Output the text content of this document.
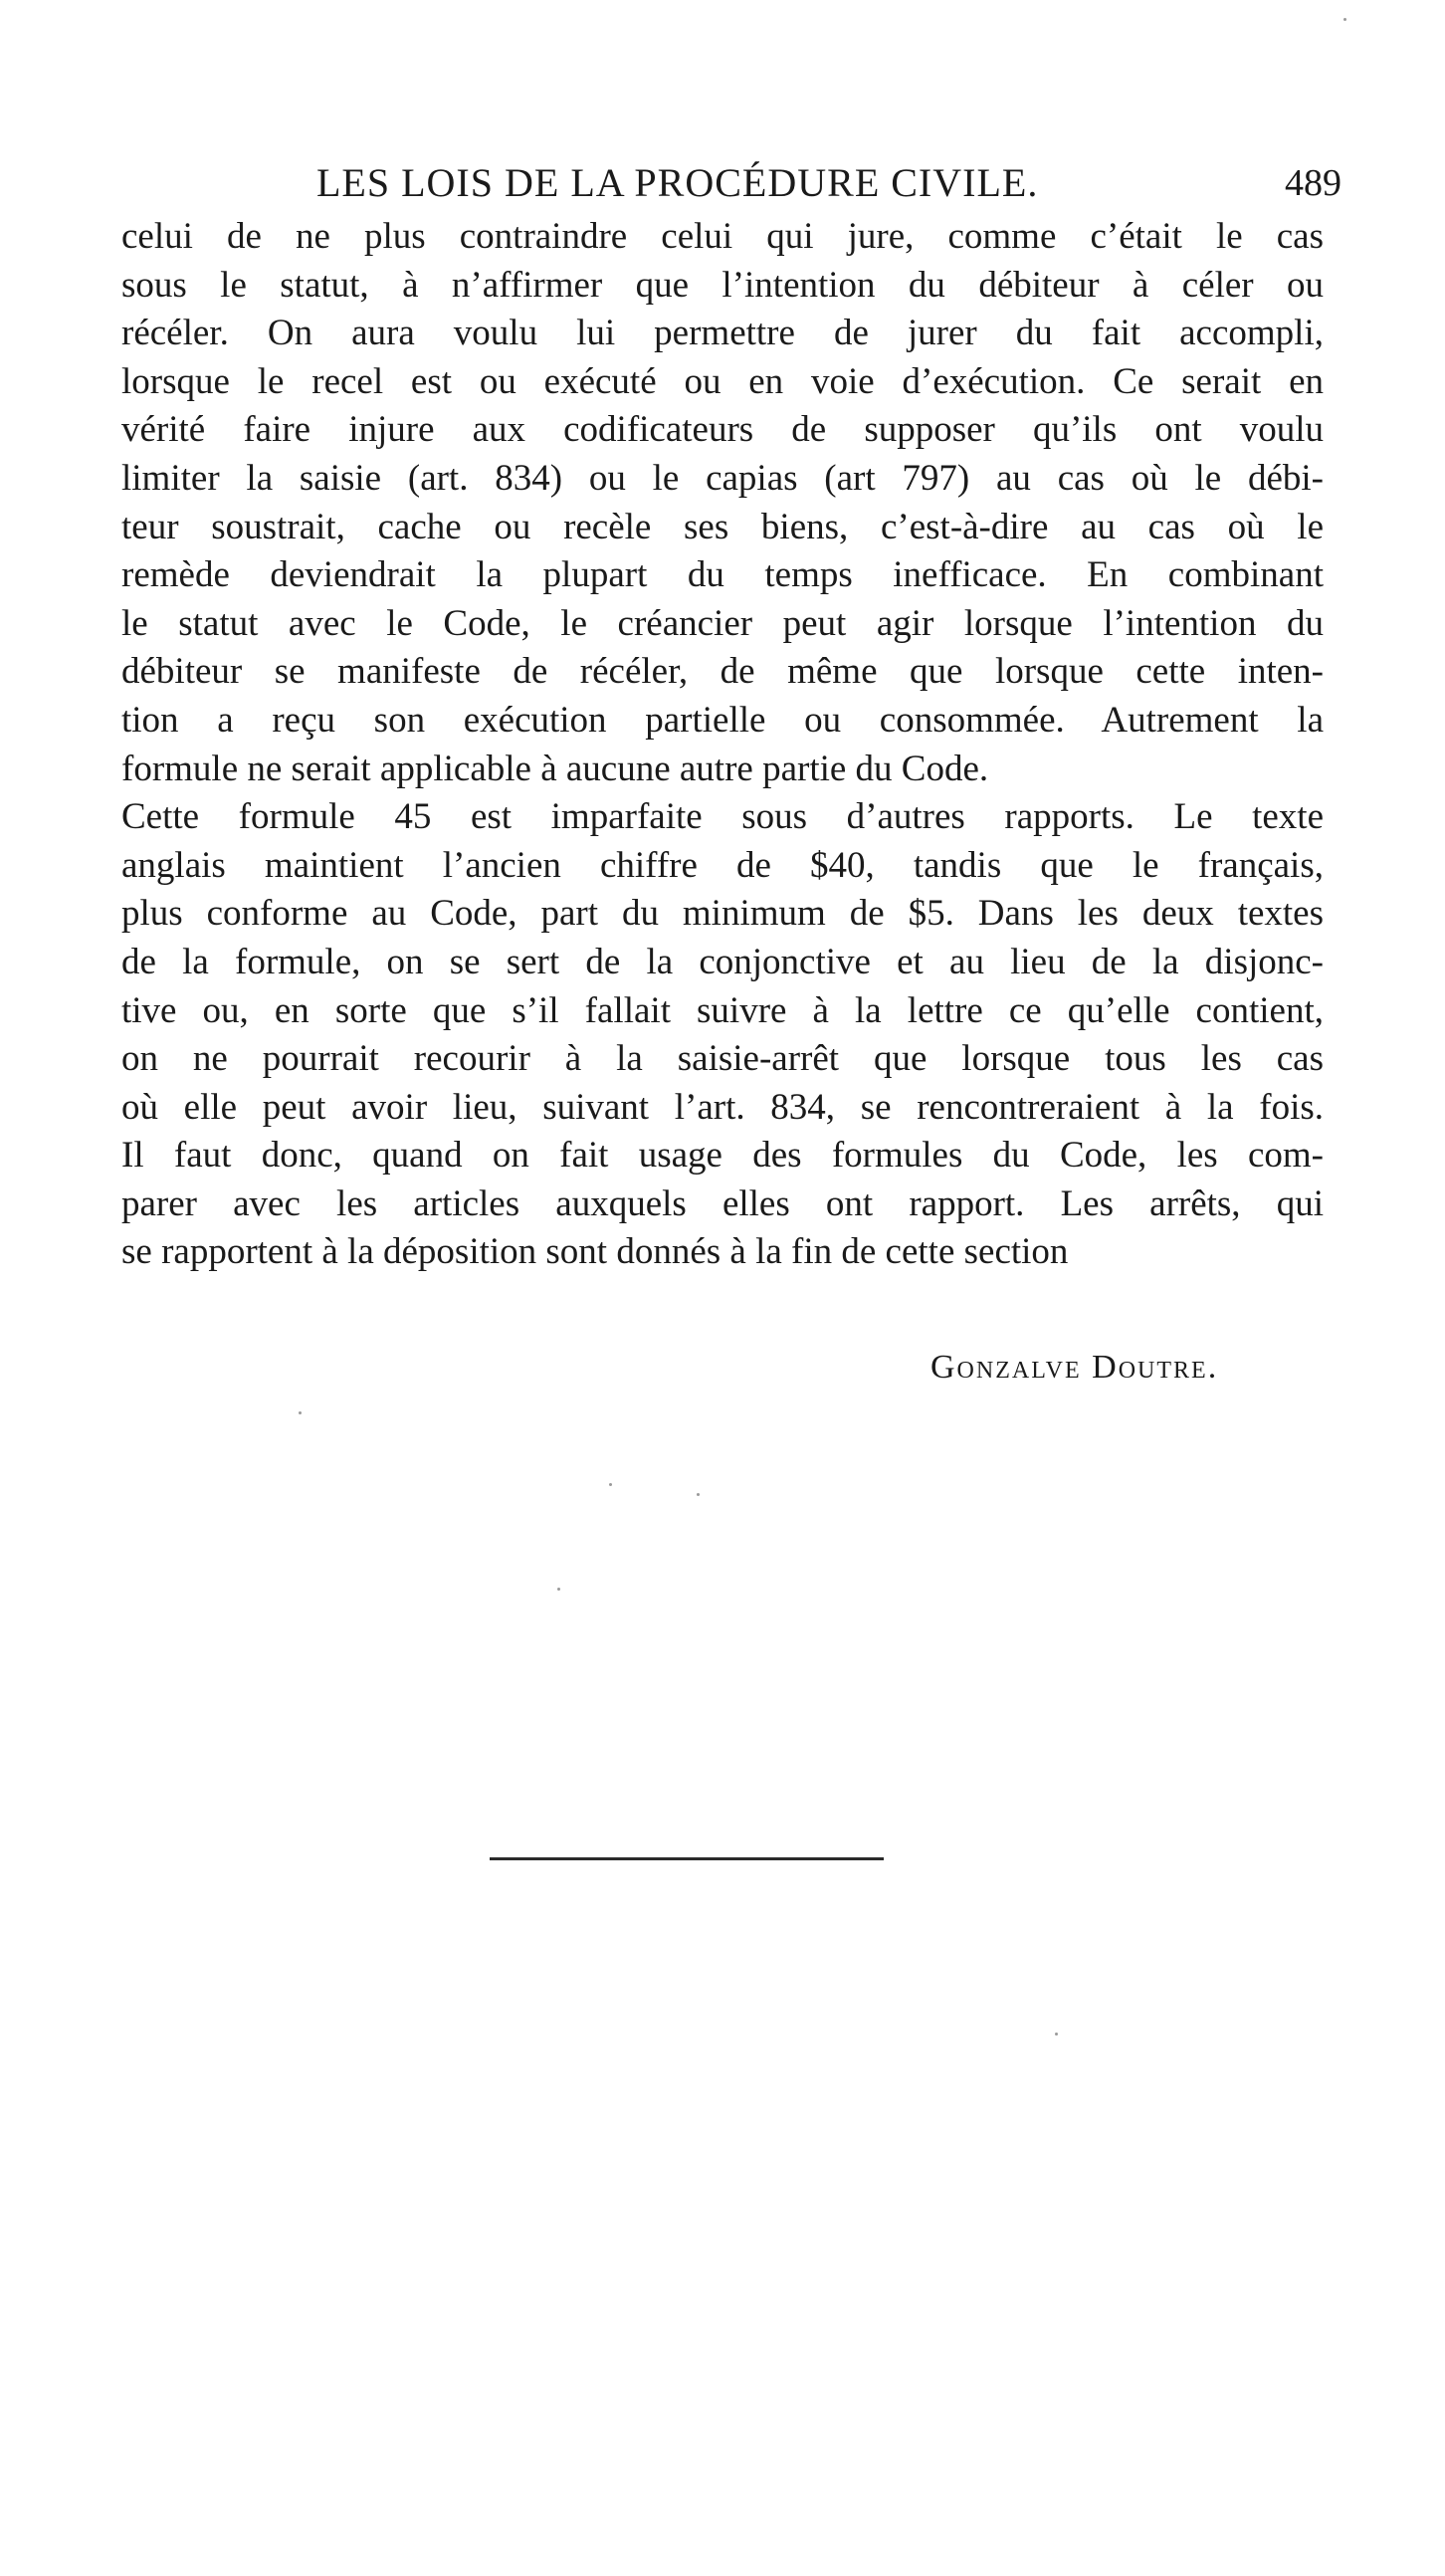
LES LOIS DE LA PROCÉDURE CIVILE.	489
celui de ne plus contraindre celui qui jure, comme c’était le cas
sous le statut, à n’affirmer que l’intention du débiteur à céler ou
récéler. On aura voulu lui permettre de jurer du fait accompli,
lorsque le recel est ou exécuté ou en voie d’exécution. Ce serait en
vérité faire injure aux codificateurs de supposer qu’ils ont voulu
limiter la saisie (art. 834) ou le capias (art 797) au cas où le débi-
teur soustrait, cache ou recèle ses biens, c’est-à-dire au cas où le
remède deviendrait la plupart du temps inefficace. En combinant
le statut avec le Code, le créancier peut agir lorsque l’intention du
débiteur se manifeste de récéler, de même que lorsque cette inten-
tion a reçu son exécution partielle ou consommée. Autrement la
formule ne serait applicable à aucune autre partie du Code.
Cette formule 45 est imparfaite sous d’autres rapports. Le texte
anglais maintient l’ancien chiffre de $40, tandis que le français,
plus conforme au Code, part du minimum de $5. Dans les deux textes
de la formule, on se sert de la conjonctive et au lieu de la disjonc-
tive ou, en sorte que s’il fallait suivre à la lettre ce qu’elle contient,
on ne pourrait recourir à la saisie-arrêt que lorsque tous les cas
où elle peut avoir lieu, suivant l’art. 834, se rencontreraient à la fois.
Il faut donc, quand on fait usage des formules du Code, les com-
parer avec les articles auxquels elles ont rapport. Les arrêts, qui
se rapportent à la déposition sont donnés à la fin de cette section
Gonzalve Doutre.
